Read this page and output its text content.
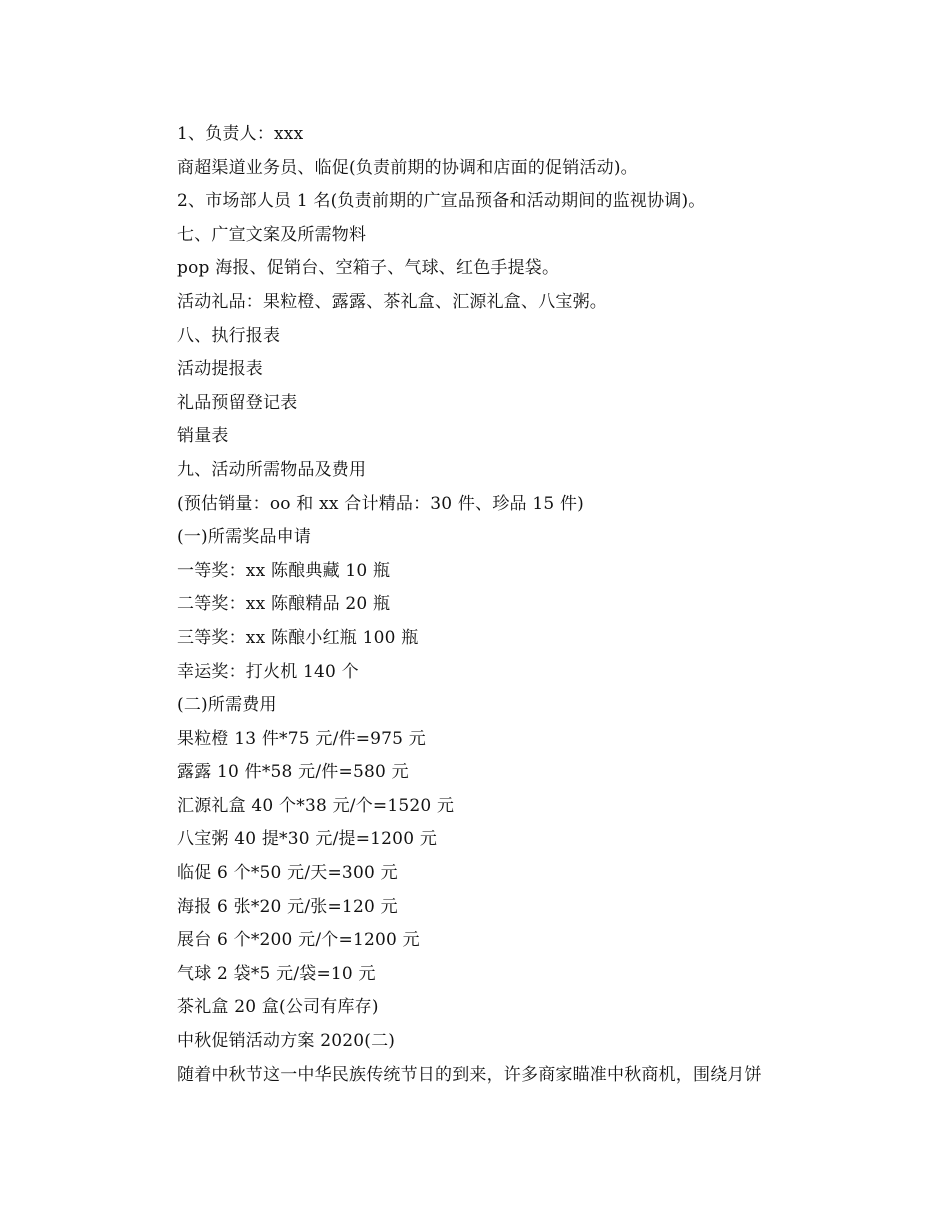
1、负责人：xxx
商超渠道业务员、临促(负责前期的协调和店面的促销活动)。
2、市场部人员 1 名(负责前期的广宣品预备和活动期间的监视协调)。
七、广宣文案及所需物料
pop 海报、促销台、空箱子、气球、红色手提袋。
活动礼品：果粒橙、露露、茶礼盒、汇源礼盒、八宝粥。
八、执行报表
活动提报表
礼品预留登记表
销量表
九、活动所需物品及费用
(预估销量：oo 和 xx 合计精品：30 件、珍品 15 件)
(一)所需奖品申请
一等奖：xx 陈酿典藏 10 瓶
二等奖：xx 陈酿精品 20 瓶
三等奖：xx 陈酿小红瓶 100 瓶
幸运奖：打火机 140 个
(二)所需费用
果粒橙 13 件*75 元/件=975 元
露露 10 件*58 元/件=580 元
汇源礼盒 40 个*38 元/个=1520 元
八宝粥 40 提*30 元/提=1200 元
临促 6 个*50 元/天=300 元
海报 6 张*20 元/张=120 元
展台 6 个*200 元/个=1200 元
气球 2 袋*5 元/袋=10 元
茶礼盒 20 盒(公司有库存)
中秋促销活动方案 2020(二)
随着中秋节这一中华民族传统节日的到来，许多商家瞄准中秋商机，围绕月饼
